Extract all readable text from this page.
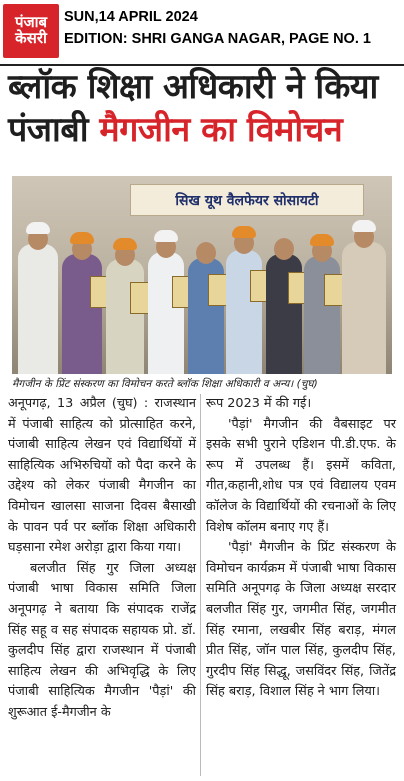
पंजाब
केसरी
SUN,14 APRIL 2024
EDITION: SHRI GANGA NAGAR, PAGE NO. 1
ब्लॉक शिक्षा अधिकारी ने किया
पंजाबी मैगजीन का विमोचन
सिख यूथ वैलफेयर सोसायटी
मैगजीन के प्रिंट संस्करण का विमोचन करते ब्लॉक शिक्षा अधिकारी व अन्य। (चुघ)

अनूपगढ़, 13 अप्रैल (चुघ) : राजस्थान में पंजाबी साहित्य को प्रोत्साहित करने, पंजाबी साहित्य लेखन एवं विद्यार्थियों में साहित्यिक अभिरुचियों को पैदा करने के उद्देश्य को लेकर पंजाबी मैगजीन का विमोचन खालसा साजना दिवस बैसाखी के पावन पर्व पर ब्लॉक शिक्षा अधिकारी घड़साना रमेश अरोड़ा द्वारा किया गया।

बलजीत सिंह गुर जिला अध्यक्ष पंजाबी भाषा विकास समिति जिला अनूपगढ़ ने बताया कि संपादक राजेंद्र सिंह सहू व सह संपादक सहायक प्रो. डॉ. कुलदीप सिंह द्वारा राजस्थान में पंजाबी साहित्य लेखन की अभिवृद्धि के लिए पंजाबी साहित्यिक मैगजीन 'पैड़ां' की शुरूआत ई-मैगजीन के

रूप 2023 में की गई।

'पैड़ां' मैगजीन की वैबसाइट पर इसके सभी पुराने एडिशन पी.डी.एफ. के रूप में उपलब्ध हैं। इसमें कविता, गीत,कहानी,शोध पत्र एवं विद्यालय एवम कॉलेज के विद्यार्थियों की रचनाओं के लिए विशेष कॉलम बनाए गए हैं।

'पैड़ां' मैगजीन के प्रिंट संस्करण के विमोचन कार्यक्रम में पंजाबी भाषा विकास समिति अनूपगढ़ के जिला अध्यक्ष सरदार बलजीत सिंह गुर, जगमीत सिंह, जगमीत सिंह रमाना, लखबीर सिंह बराड़, मंगल प्रीत सिंह, जॉन पाल सिंह, कुलदीप सिंह, गुरदीप सिंह सिद्धू, जसविंदर सिंह, जितेंद्र सिंह बराड़, विशाल सिंह ने भाग लिया।
